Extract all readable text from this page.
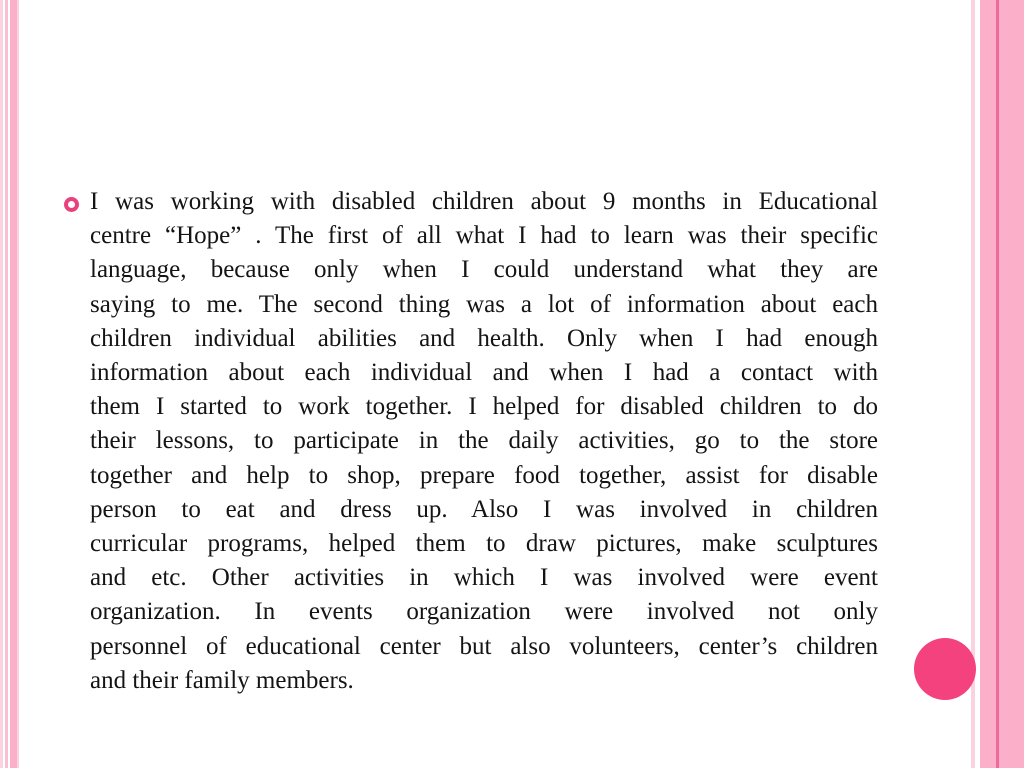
I was working with disabled children about 9 months in Educational
centre “Hope” . The first of all what I had to learn was their specific
language, because only when I could understand what they are
saying to me. The second thing was a lot of information about each
children individual abilities and health. Only when I had enough
information about each individual and when I had a contact with
them I started to work together. I helped for disabled children to do
their lessons, to participate in the daily activities, go to the store
together and help to shop, prepare food together, assist for disable
person to eat and dress up. Also I was involved in children
curricular programs, helped them to draw pictures, make sculptures
and etc. Other activities in which I was involved were event
organization. In events organization were involved not only
personnel of educational center but also volunteers, center’s children
and their family members.
